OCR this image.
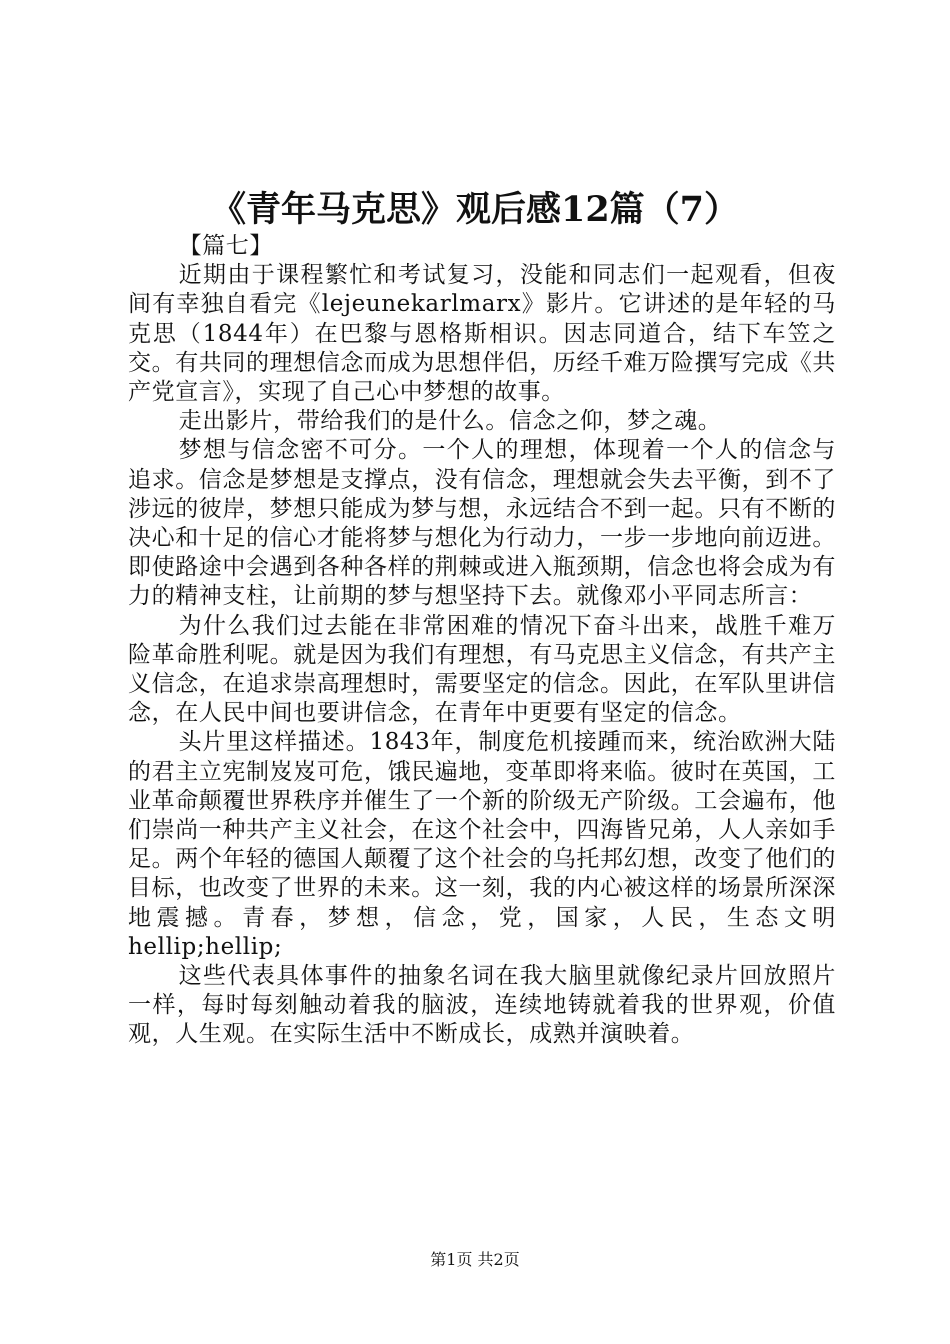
《青年马克思》观后感12篇（7）

【篇七】

近期由于课程繁忙和考试复习，没能和同志们一起观看，但夜间有幸独自看完《lejeunekarlmarx》影片。它讲述的是年轻的马克思（1844年）在巴黎与恩格斯相识。因志同道合，结下车笠之交。有共同的理想信念而成为思想伴侣，历经千难万险撰写完成《共产党宣言》，实现了自己心中梦想的故事。

走出影片，带给我们的是什么。信念之仰，梦之魂。

梦想与信念密不可分。一个人的理想，体现着一个人的信念与追求。信念是梦想是支撑点，没有信念，理想就会失去平衡，到不了涉远的彼岸，梦想只能成为梦与想，永远结合不到一起。只有不断的决心和十足的信心才能将梦与想化为行动力，一步一步地向前迈进。即使路途中会遇到各种各样的荆棘或进入瓶颈期，信念也将会成为有力的精神支柱，让前期的梦与想坚持下去。就像邓小平同志所言：

为什么我们过去能在非常困难的情况下奋斗出来，战胜千难万险革命胜利呢。就是因为我们有理想，有马克思主义信念，有共产主义信念，在追求崇高理想时，需要坚定的信念。因此，在军队里讲信念，在人民中间也要讲信念，在青年中更要有坚定的信念。

头片里这样描述。1843年，制度危机接踵而来，统治欧洲大陆的君主立宪制岌岌可危，饿民遍地，变革即将来临。彼时在英国，工业革命颠覆世界秩序并催生了一个新的阶级无产阶级。工会遍布，他们崇尚一种共产主义社会，在这个社会中，四海皆兄弟，人人亲如手足。两个年轻的德国人颠覆了这个社会的乌托邦幻想，改变了他们的目标，也改变了世界的未来。这一刻，我的内心被这样的场景所深深地震撼。青春，梦想，信念，党，国家，人民，生态文明hellip;hellip;

这些代表具体事件的抽象名词在我大脑里就像纪录片回放照片一样，每时每刻触动着我的脑波，连续地铸就着我的世界观，价值观，人生观。在实际生活中不断成长，成熟并演映着。

第1页 共2页
